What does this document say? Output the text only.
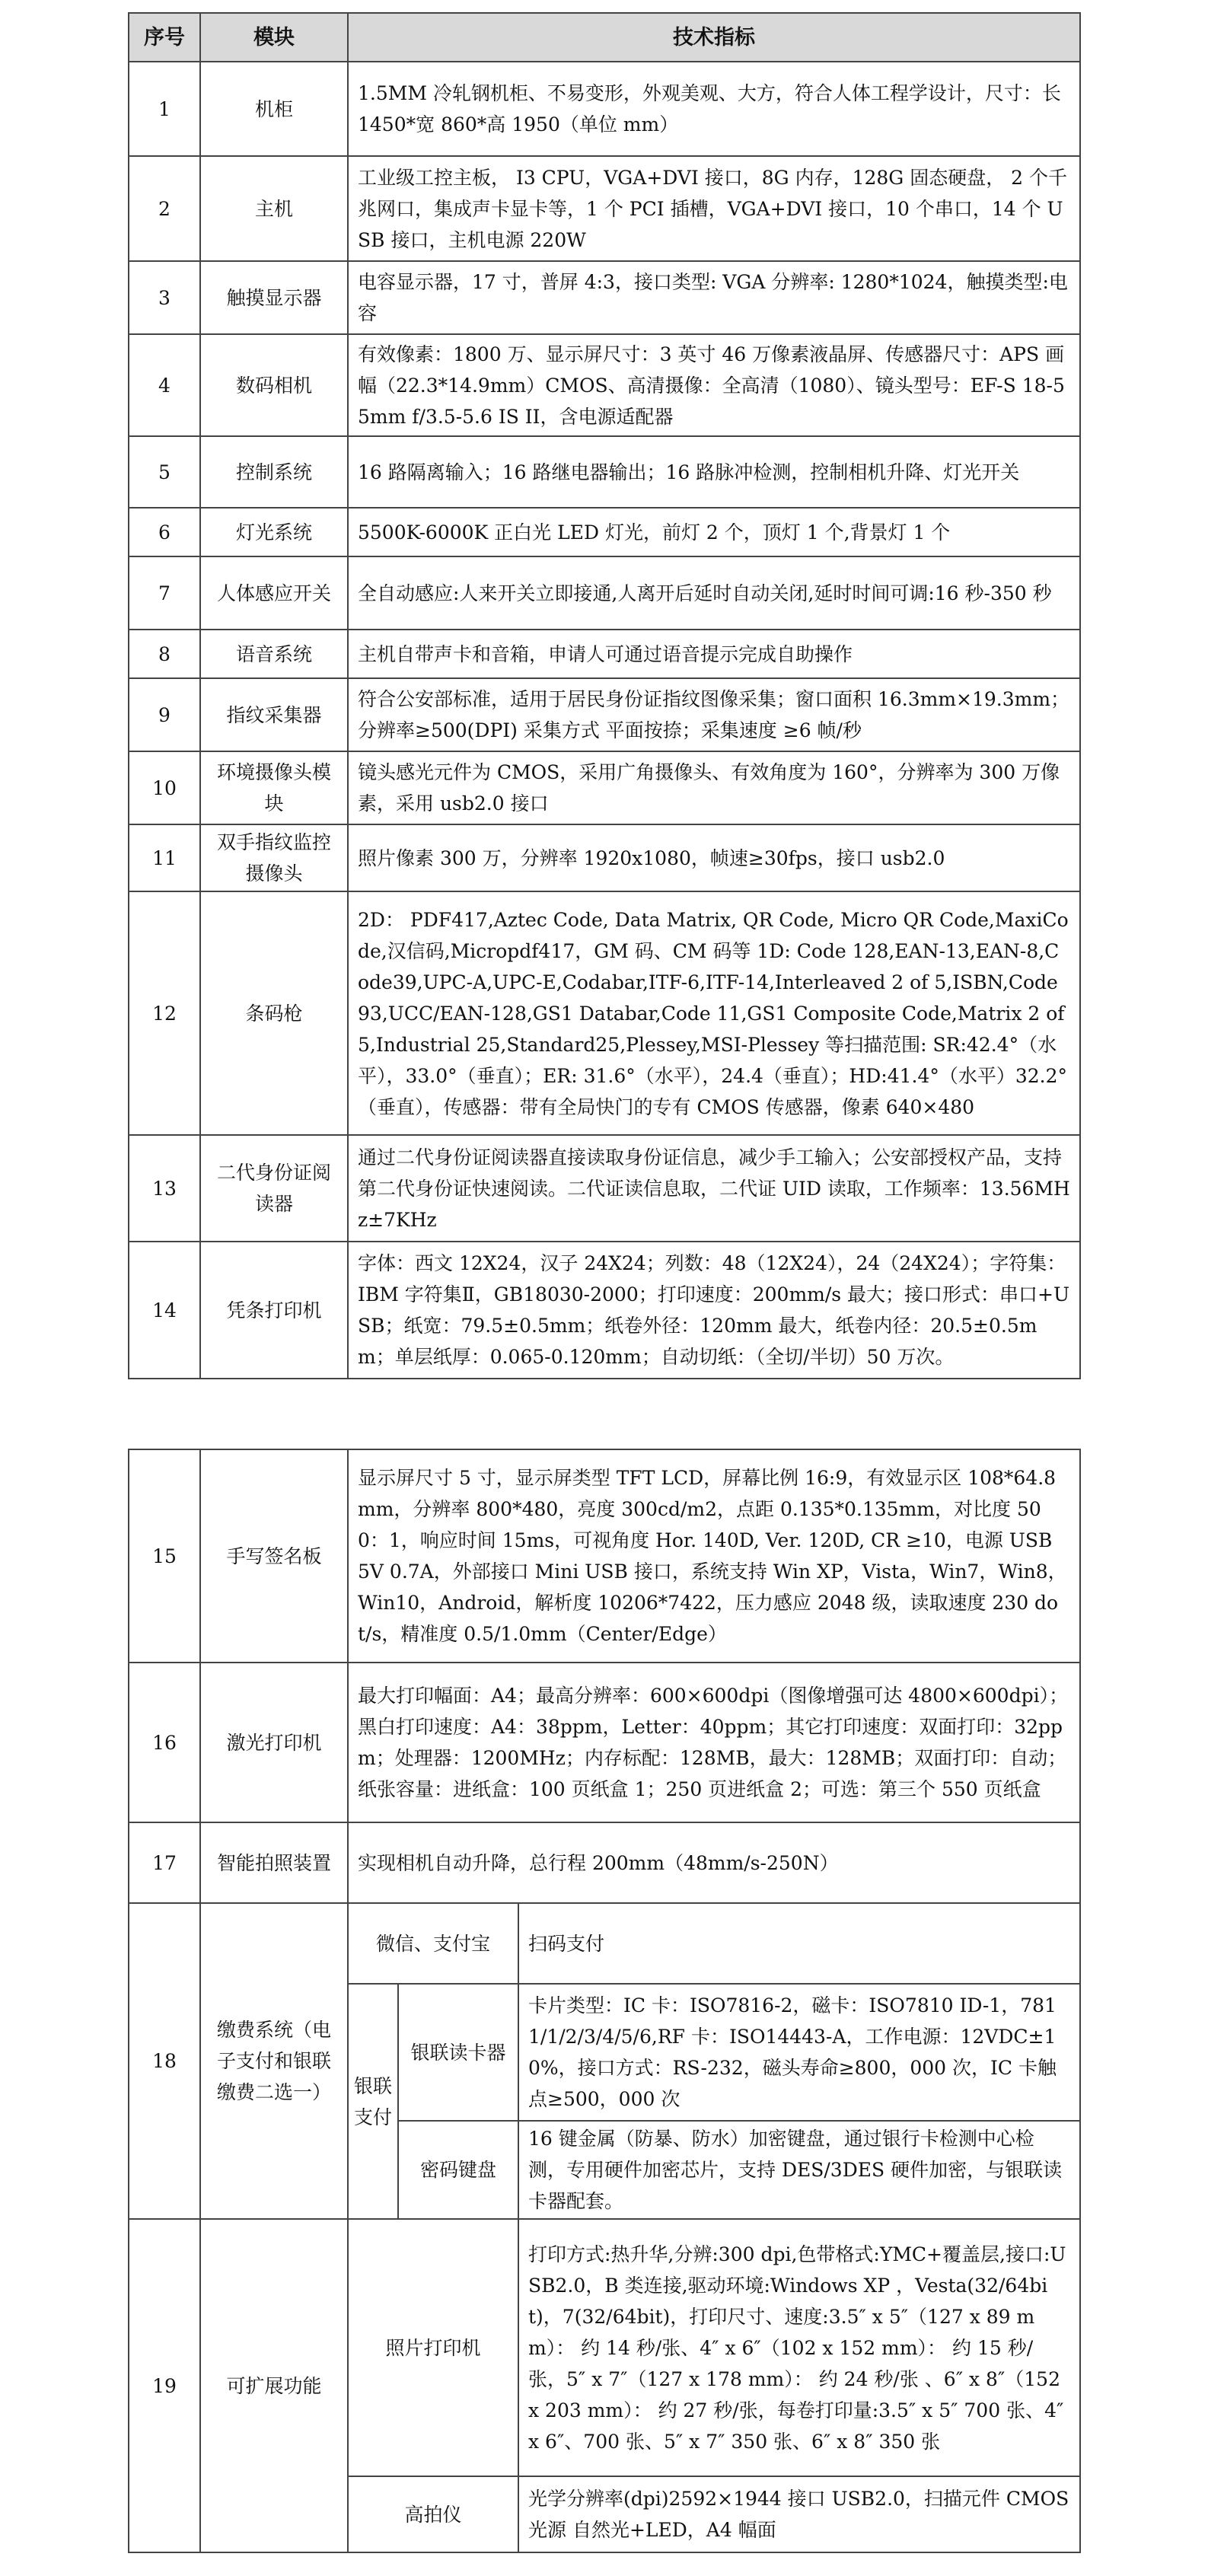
序号	模块	技术指标
1	机柜	1.5MM 冷轧钢机柜、不易变形，外观美观、大方，符合人体工程学设计，尺寸：长 1450*宽 860*高 1950（单位 mm）
2	主机	工业级工控主板， I3 CPU，VGA+DVI 接口，8G 内存，128G 固态硬盘， 2 个千兆网口，集成声卡显卡等，1 个 PCI 插槽，VGA+DVI 接口，10 个串口，14 个 USB 接口，主机电源 220W
3	触摸显示器	电容显示器，17 寸，普屏 4:3，接口类型: VGA 分辨率: 1280*1024，触摸类型:电容
4	数码相机	有效像素：1800 万、显示屏尺寸：3 英寸 46 万像素液晶屏、传感器尺寸：APS 画幅（22.3*14.9mm）CMOS、高清摄像：全高清（1080）、镜头型号：EF-S 18-55mm f/3.5-5.6 IS II，含电源适配器
5	控制系统	16 路隔离输入；16 路继电器输出；16 路脉冲检测，控制相机升降、灯光开关
6	灯光系统	5500K-6000K 正白光 LED 灯光，前灯 2 个，顶灯 1 个,背景灯 1 个
7	人体感应开关	全自动感应:人来开关立即接通,人离开后延时自动关闭,延时时间可调:16 秒-350 秒
8	语音系统	主机自带声卡和音箱，申请人可通过语音提示完成自助操作
9	指纹采集器	符合公安部标准，适用于居民身份证指纹图像采集；窗口面积 16.3mm×19.3mm；分辨率≥500(DPI) 采集方式 平面按捺；采集速度 ≥6 帧/秒
10	环境摄像头模块	镜头感光元件为 CMOS，采用广角摄像头、有效角度为 160°，分辨率为 300 万像素，采用 usb2.0 接口
11	双手指纹监控摄像头	照片像素 300 万，分辨率 1920x1080，帧速≥30fps，接口 usb2.0
12	条码枪	2D： PDF417,Aztec Code, Data Matrix, QR Code, Micro QR Code,MaxiCode,汉信码,Micropdf417，GM 码、CM 码等 1D: Code 128,EAN-13,EAN-8,Code39,UPC-A,UPC-E,Codabar,ITF-6,ITF-14,Interleaved 2 of 5,ISBN,Code 93,UCC/EAN-128,GS1 Databar,Code 11,GS1 Composite Code,Matrix 2 of 5,Industrial 25,Standard25,Plessey,MSI-Plessey 等扫描范围: SR:42.4°（水平），33.0°（垂直）；ER: 31.6°（水平），24.4（垂直）；HD:41.4°（水平）32.2°（垂直），传感器：带有全局快门的专有 CMOS 传感器，像素 640×480
13	二代身份证阅读器	通过二代身份证阅读器直接读取身份证信息，减少手工输入；公安部授权产品，支持第二代身份证快速阅读。二代证读信息取，二代证 UID 读取，工作频率：13.56MHz±7KHz
14	凭条打印机	字体：西文 12X24，汉子 24X24；列数：48（12X24），24（24X24）；字符集：IBM 字符集Ⅱ，GB18030-2000；打印速度：200mm/s 最大；接口形式：串口+USB；纸宽：79.5±0.5mm；纸卷外径：120mm 最大，纸卷内径：20.5±0.5mm；单层纸厚：0.065-0.120mm；自动切纸：（全切/半切）50 万次。
15	手写签名板	显示屏尺寸 5 寸，显示屏类型 TFT LCD，屏幕比例 16:9，有效显示区 108*64.8mm，分辨率 800*480，亮度 300cd/m2，点距 0.135*0.135mm，对比度 500：1，响应时间 15ms，可视角度 Hor. 140D, Ver. 120D, CR ≥10，电源 USB 5V 0.7A，外部接口 Mini USB 接口，系统支持 Win XP，Vista，Win7，Win8，Win10，Android，解析度 10206*7422，压力感应 2048 级，读取速度 230 dot/s，精准度 0.5/1.0mm（Center/Edge）		
16	激光打印机	最大打印幅面：A4；最高分辨率：600×600dpi（图像增强可达 4800×600dpi）；黑白打印速度：A4：38ppm，Letter：40ppm；其它打印速度：双面打印：32ppm；处理器：1200MHz；内存标配：128MB，最大：128MB；双面打印：自动；纸张容量：进纸盒：100 页纸盒 1；250 页进纸盒 2；可选：第三个 550 页纸盒		
17	智能拍照装置	实现相机自动升降，总行程 200mm（48mm/s-250N）		
18	缴费系统（电子支付和银联缴费二选一）	微信、支付宝		扫码支付
		银联支付	银联读卡器	卡片类型：IC 卡：ISO7816-2，磁卡：ISO7810 ID-1，7811/1/2/3/4/5/6,RF 卡：ISO14443-A，工作电源：12VDC±10%，接口方式：RS-232，磁头寿命≥800，000 次，IC 卡触点≥500，000 次
			密码键盘	16 键金属（防暴、防水）加密键盘，通过银行卡检测中心检测，专用硬件加密芯片，支持 DES/3DES 硬件加密，与银联读卡器配套。
19	可扩展功能	照片打印机		打印方式:热升华,分辨:300 dpi,色带格式:YMC+覆盖层,接口:USB2.0，B 类连接,驱动环境:Windows XP ，Vesta(32/64bit)，7(32/64bit)，打印尺寸、速度:3.5″ x 5″（127 x 89 mm）： 约 14 秒/张、4″ x 6″（102 x 152 mm）： 约 15 秒/张，5″ x 7″（127 x 178 mm）： 约 24 秒/张 、6″ x 8″（152 x 203 mm）： 约 27 秒/张，每卷打印量:3.5″ x 5″ 700 张、4″ x 6″、700 张、5″ x 7″ 350 张、6″ x 8″ 350 张
		高拍仪		光学分辨率(dpi)2592×1944 接口 USB2.0，扫描元件 CMOS 光源 自然光+LED，A4 幅面
